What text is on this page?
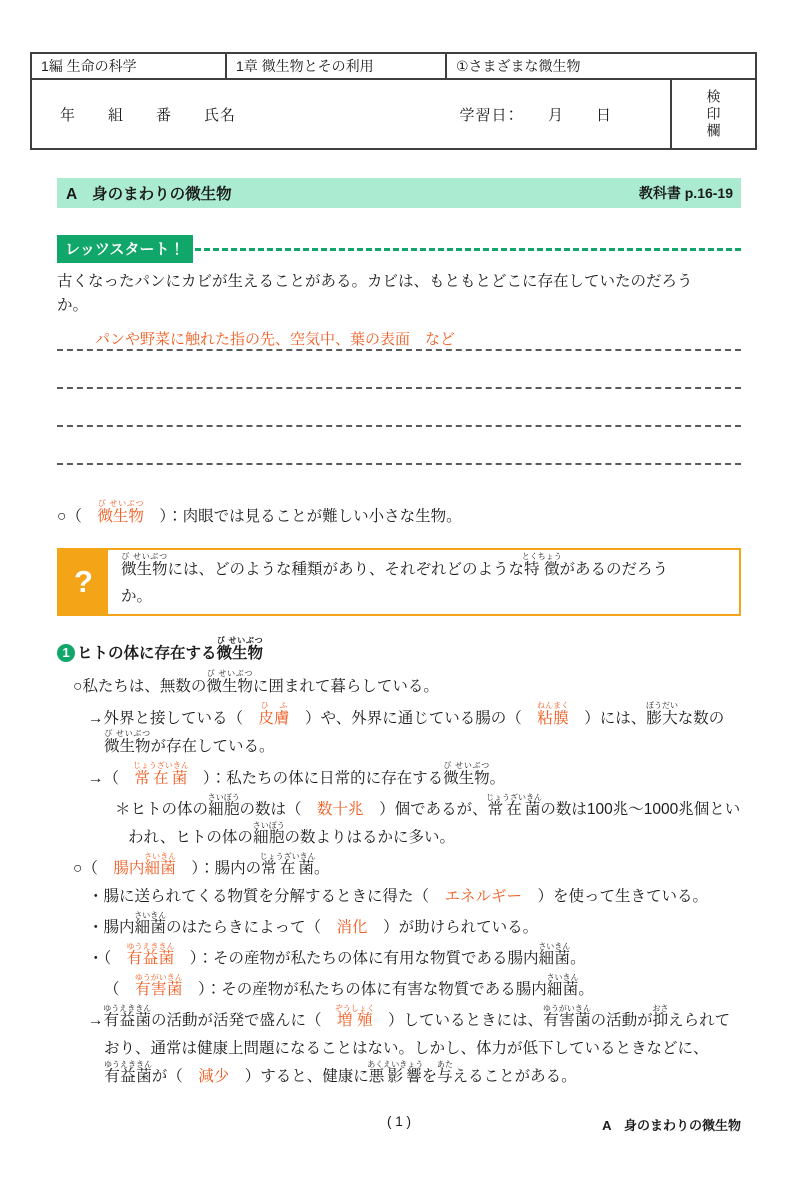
1編 生命の科学	1章 微生物とその利用	①さまざまな微生物
年　　組　　番　　氏名	学習日：　　月　　日	検印欄
A　身のまわりの微生物	教科書 p.16-19
レッツスタート！
古くなったパンにカビが生えることがある。カビは、もともとどこに存在していたのだろうか。
パンや野菜に触れた指の先、空気中、葉の表面　など
○（　微生物び せいぶつ　）：肉眼では見ることが難しい小さな生物。
?	微生物び せいぶつには、どのような種類があり、それぞれどのような特徴とくちょうがあるのだろうか。
1 ヒトの体に存在する微生物び せいぶつ
○私たちは、無数の微生物び せいぶつに囲まれて暮らしている。
→外界と接している（　皮膚ひ ふ　）や、外界に通じている腸の（　粘膜ねんまく　）には、膨ぼう大だいな数の微生物び せいぶつが存在している。
→（　常在菌じょうざいきん　）：私たちの体に日常的に存在する微生物び せいぶつ。
＊ヒトの体の細胞さいぼうの数は（　数十兆　）個であるが、常在菌じょうざいきんの数は100兆～1000兆個といわれ、ヒトの体の細胞さいぼうの数よりはるかに多い。
○（　腸内細菌さいきん　）：腸内の常在菌じょうざいきん。
・腸に送られてくる物質を分解するときに得た（　エネルギー　）を使って生きている。
・腸内細菌さいきんのはたらきによって（　消化　）が助けられている。
・（　有益菌ゆうえききん　）：その産物が私たちの体に有用な物質である腸内細菌さいきん。
（　有害菌ゆうがいきん　）：その産物が私たちの体に有害な物質である腸内細菌さいきん。
→有益菌ゆうえききんの活動が活発で盛んに（　増殖ぞうしょく　）しているときには、有害菌ゆうがいきんの活動が抑おさえられており、通常は健康上問題になることはない。しかし、体力が低下しているときなどに、有益菌ゆうえききんが（　減少　）すると、健康に悪影響あくえいきょうを与あたえることがある。
( 1 )	A　身のまわりの微生物
